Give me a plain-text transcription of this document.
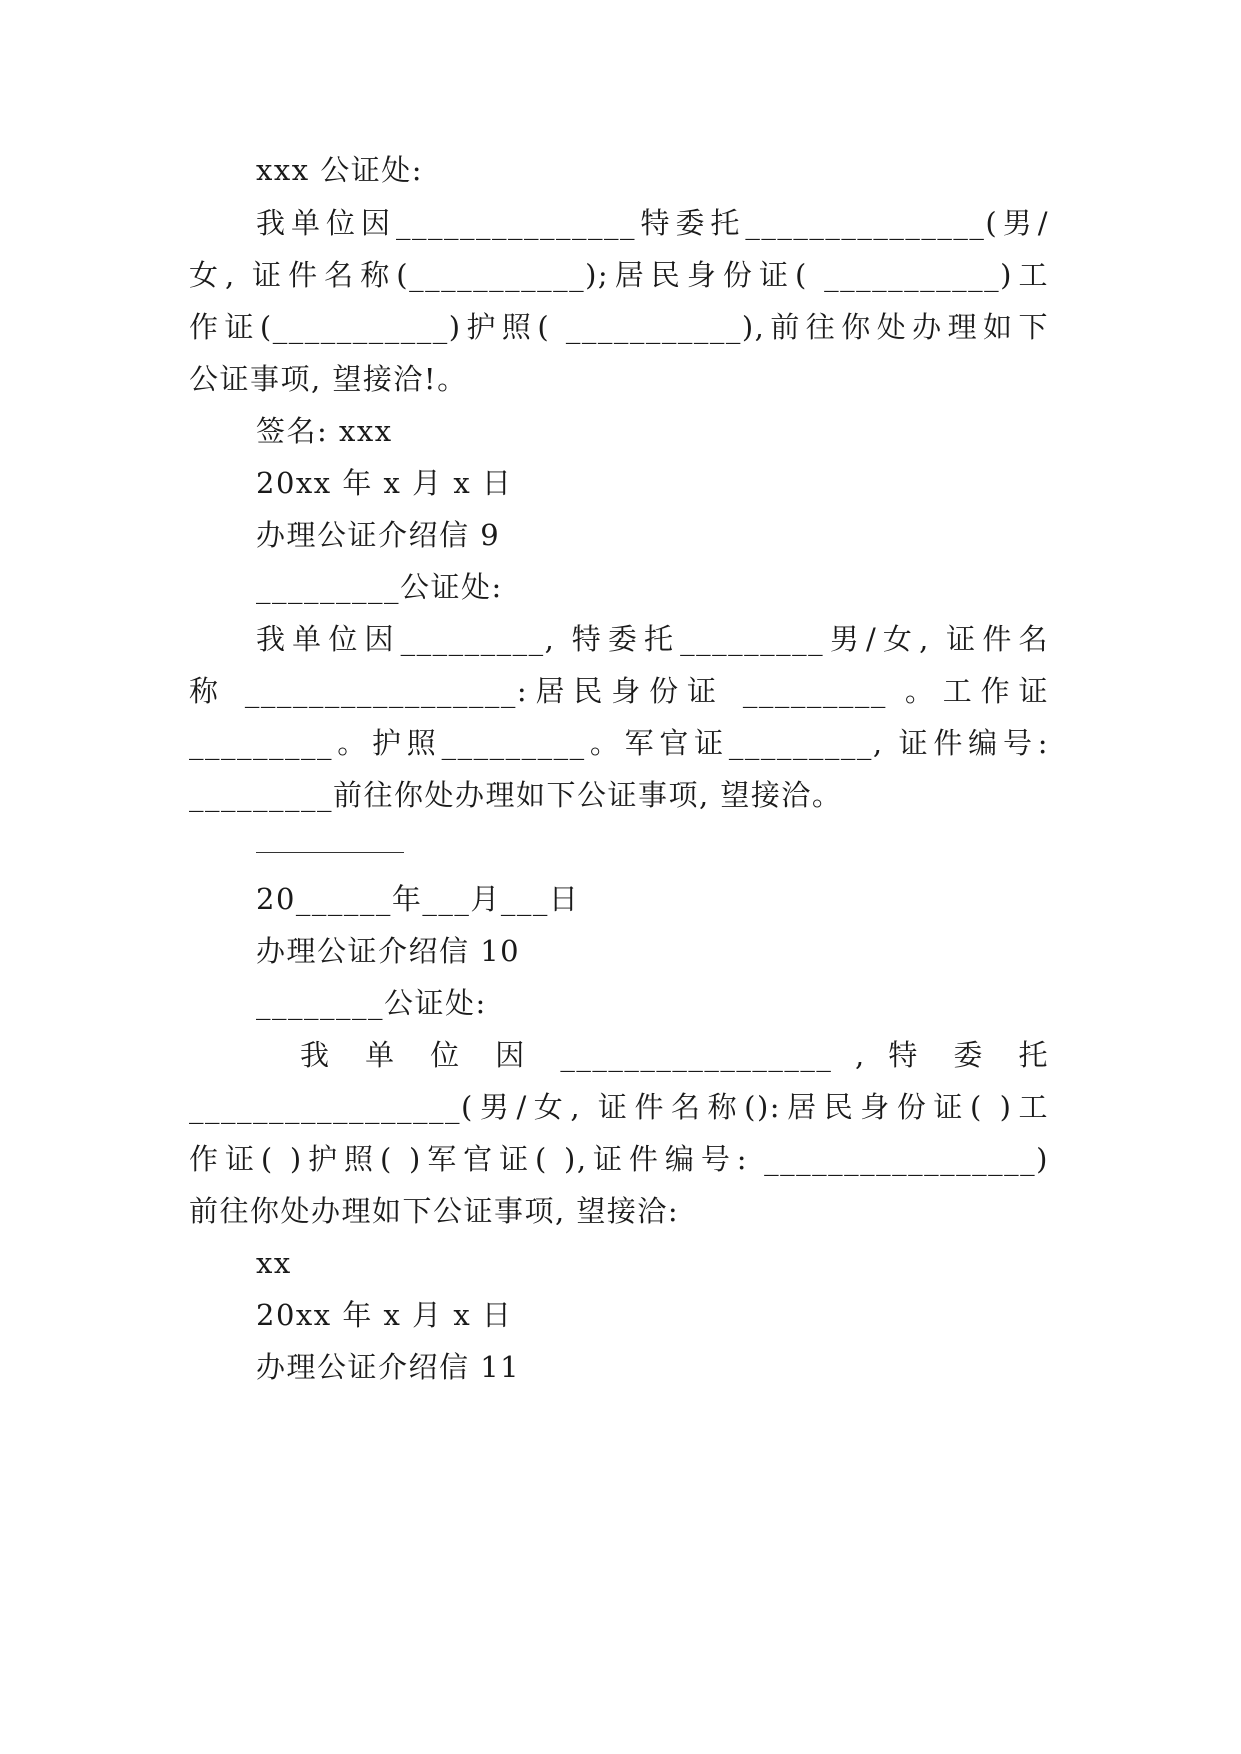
xxx 公证处:
我单位因_______________特委托_______________(男/
女, 证件名称(___________);居民身份证( ___________)工
作证(___________)护照( ___________),前往你处办理如下
公证事项, 望接洽!。
签名: xxx
20xx 年 x 月 x 日
办理公证介绍信 9
_________公证处:
我单位因_________, 特委托_________男/女, 证件名
称 _________________:居民身份证 _________ 。工作证
_________。护照_________。军官证_________, 证件编号:
_________前往你处办理如下公证事项, 望接洽。
20______年___月___日
办理公证介绍信 10
________公证处:
我 单 位 因 _________________ , 特 委 托
_________________(男/女, 证件名称():居民身份证( )工
作证( )护照( )军官证( ),证件编号: _________________)
前往你处办理如下公证事项, 望接洽:
xx
20xx 年 x 月 x 日
办理公证介绍信 11
